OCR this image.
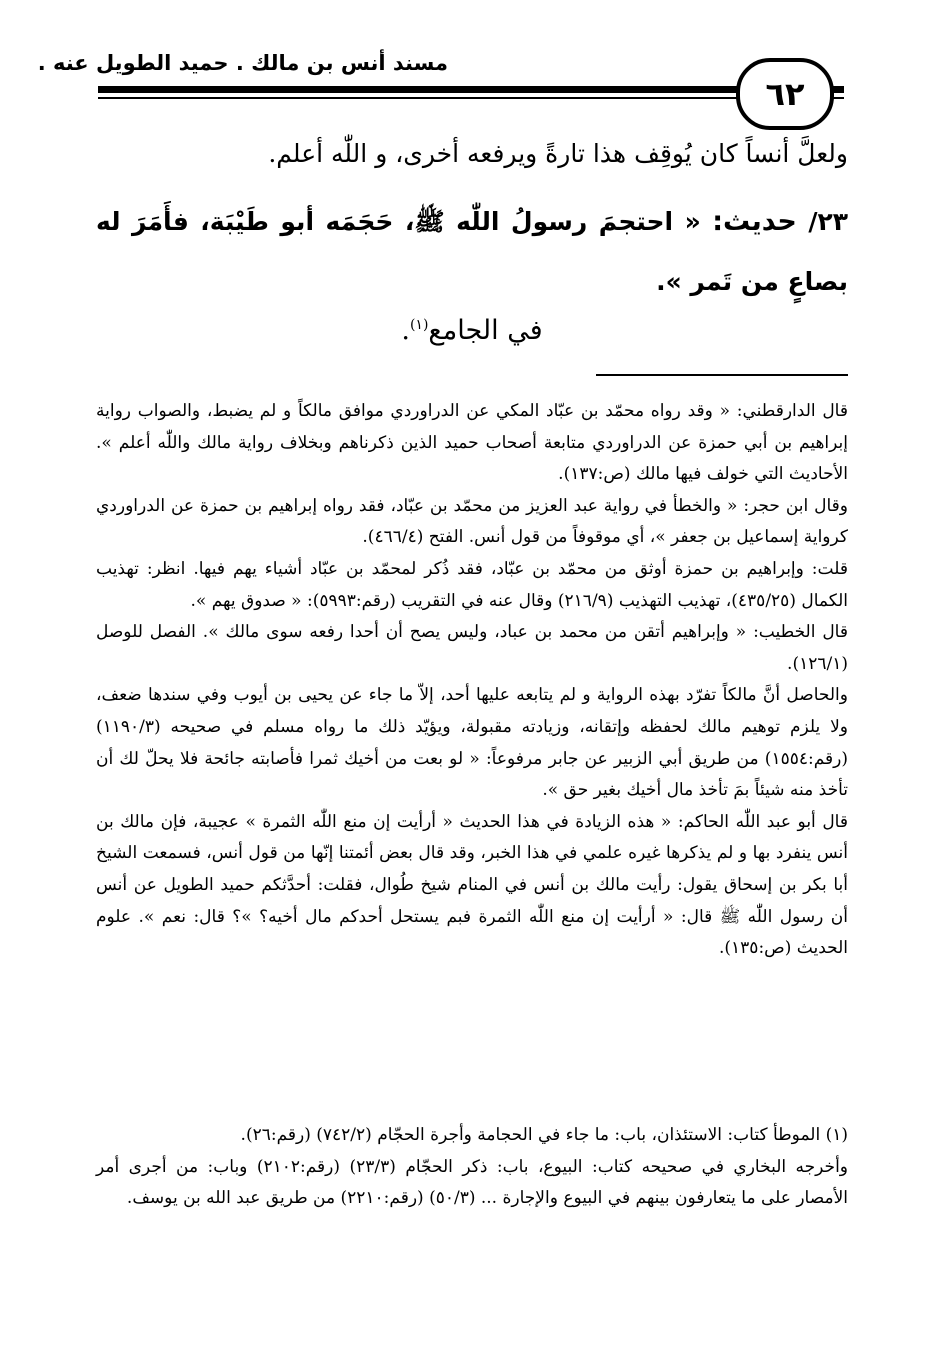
مسند أنس بن مالك . حميد الطويل عنه .
٦٢
ولعلَّ أنساً كان يُوقِف هذا تارةً ويرفعه أخرى، و اللّٰه أعلم.
٢٣/ حديث: « احتجمَ رسولُ اللّٰه ﷺ، حَجَمَه أبو طَيْبَة، فأَمَرَ له بصاعٍ من تَمر ».
في الجامع$^{(١)}$.

قال الدارقطني: « وقد رواه محمّد بن عبّاد المكي عن الدراوردي موافق مالكاً و لم يضبط، والصواب رواية إبراهيم بن أبي حمزة عن الدراوردي متابعة أصحاب حميد الذين ذكرناهم وبخلاف رواية مالك واللّٰه أعلم ». الأحاديث التي خولف فيها مالك (ص:١٣٧).

وقال ابن حجر: « والخطأ في رواية عبد العزيز من محمّد بن عبّاد، فقد رواه إبراهيم بن حمزة عن الدراوردي كرواية إسماعيل بن جعفر »، أي موقوفاً من قول أنس. الفتح (٤٦٦/٤).

قلت: وإبراهيم بن حمزة أوثق من محمّد بن عبّاد، فقد ذُكر لمحمّد بن عبّاد أشياء يهم فيها. انظر: تهذيب الكمال (٤٣٥/٢٥)، تهذيب التهذيب (٢١٦/٩) وقال عنه في التقريب (رقم:٥٩٩٣): « صدوق يهم ».

قال الخطيب: « وإبراهيم أتقن من محمد بن عباد، وليس يصح أن أحدا رفعه سوى مالك ». الفصل للوصل (١٢٦/١).

والحاصل أنَّ مالكاً تفرّد بهذه الرواية و لم يتابعه عليها أحد، إلاّ ما جاء عن يحيى بن أيوب وفي سندها ضعف، ولا يلزم توهيم مالك لحفظه وإتقانه، وزيادته مقبولة، ويؤيّد ذلك ما رواه مسلم في صحيحه (١١٩٠/٣) (رقم:١٥٥٤) من طريق أبي الزبير عن جابر مرفوعاً: « لو بعت من أخيك ثمرا فأصابته جائحة فلا يحلّ لك أن تأخذ منه شيئاً بمَ تأخذ مال أخيك بغير حق ».

قال أبو عبد اللّٰه الحاكم: « هذه الزيادة في هذا الحديث « أرأيت إن منع اللّٰه الثمرة » عجيبة، فإن مالك بن أنس ينفرد بها و لم يذكرها غيره علمي في هذا الخبر، وقد قال بعض أئمتنا إنّها من قول أنس، فسمعت الشيخ أبا بكر بن إسحاق يقول: رأيت مالك بن أنس في المنام شيخ طُوال، فقلت: أحدَّثكم حميد الطويل عن أنس أن رسول اللّٰه ﷺ قال: « أرأيت إن منع اللّٰه الثمرة فبم يستحل أحدكم مال أخيه؟ »؟ قال: نعم ». علوم الحديث (ص:١٣٥).

(١) الموطأ كتاب: الاستئذان، باب: ما جاء في الحجامة وأجرة الحجّام (٧٤٢/٢) (رقم:٢٦).

وأخرجه البخاري في صحيحه كتاب: البيوع، باب: ذكر الحجّام (٢٣/٣) (رقم:٢١٠٢) وباب: من أجرى أمر الأمصار على ما يتعارفون بينهم في البيوع والإجارة ... (٥٠/٣) (رقم:٢٢١٠) من طريق عبد الله بن يوسف.
